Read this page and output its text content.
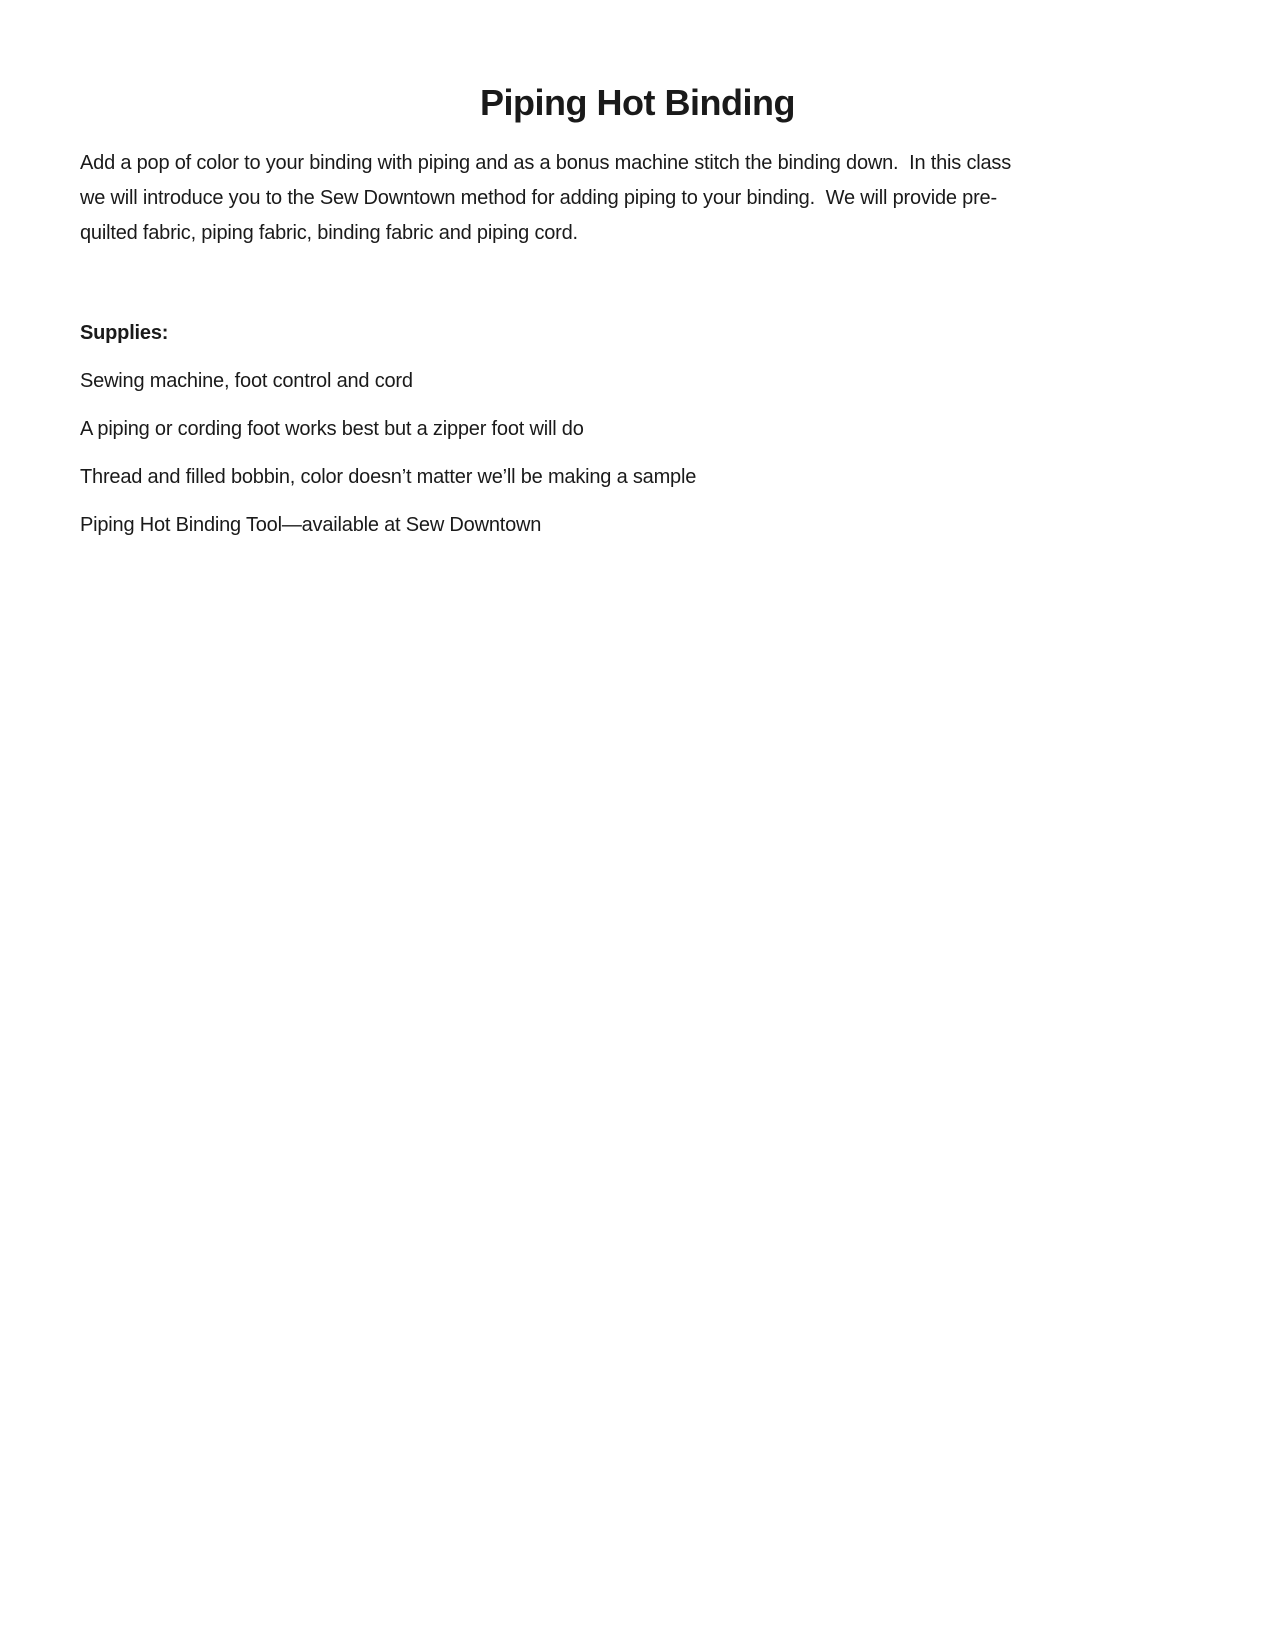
Piping Hot Binding
Add a pop of color to your binding with piping and as a bonus machine stitch the binding down.  In this class
we will introduce you to the Sew Downtown method for adding piping to your binding.  We will provide pre-
quilted fabric, piping fabric, binding fabric and piping cord.
Supplies:
Sewing machine, foot control and cord
A piping or cording foot works best but a zipper foot will do
Thread and filled bobbin, color doesn’t matter we’ll be making a sample
Piping Hot Binding Tool—available at Sew Downtown
